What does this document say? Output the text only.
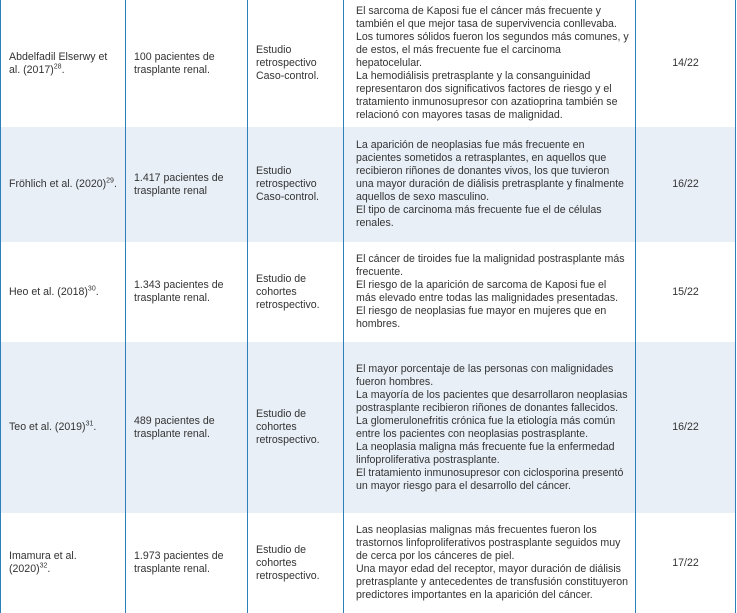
Abdelfadil Elserwy et al. $(2017)^{28}$.	100 pacientes de trasplante renal.	Estudio retrospectivo Caso-control.	El sarcoma de Kaposi fue el cáncer más frecuente y también el que mejor tasa de supervivencia conllevaba.
Los tumores sólidos fueron los segundos más comunes, y de estos, el más frecuente fue el carcinoma hepatocelular.
La hemodiálisis pretrasplante y la consanguinidad representaron dos significativos factores de riesgo y el tratamiento inmunosupresor con azatioprina también se relacionó con mayores tasas de malignidad.	14/22
Fröhlich et al. $(2020)^{29}$.	1.417 pacientes de trasplante renal	Estudio retrospectivo Caso-control.	La aparición de neoplasias fue más frecuente en pacientes sometidos a retrasplantes, en aquellos que recibieron riñones de donantes vivos, los que tuvieron una mayor duración de diálisis pretrasplante y finalmente aquellos de sexo masculino.
El tipo de carcinoma más frecuente fue el de células renales.	16/22
Heo et al. $(2018)^{30}$.	1.343 pacientes de trasplante renal.	Estudio de cohortes retrospectivo.	El cáncer de tiroides fue la malignidad postrasplante más frecuente.
El riesgo de la aparición de sarcoma de Kaposi fue el más elevado entre todas las malignidades presentadas.
El riesgo de neoplasias fue mayor en mujeres que en hombres.	15/22
Teo et al. $(2019)^{31}$.	489 pacientes de trasplante renal.	Estudio de cohortes retrospectivo.	El mayor porcentaje de las personas con malignidades fueron hombres.
La mayoría de los pacientes que desarrollaron neoplasias postrasplante recibieron riñones de donantes fallecidos.
La glomerulonefritis crónica fue la etiología más común entre los pacientes con neoplasias postrasplante.
La neoplasia maligna más frecuente fue la enfermedad linfoproliferativa postrasplante.
El tratamiento inmunosupresor con ciclosporina presentó un mayor riesgo para el desarrollo del cáncer.	16/22
Imamura et al. $(2020)^{32}$.	1.973 pacientes de trasplante renal.	Estudio de cohortes retrospectivo.	Las neoplasias malignas más frecuentes fueron los trastornos linfoproliferativos postrasplante seguidos muy de cerca por los cánceres de piel.
Una mayor edad del receptor, mayor duración de diálisis pretrasplante y antecedentes de transfusión constituyeron predictores importantes en la aparición del cáncer.	17/22
